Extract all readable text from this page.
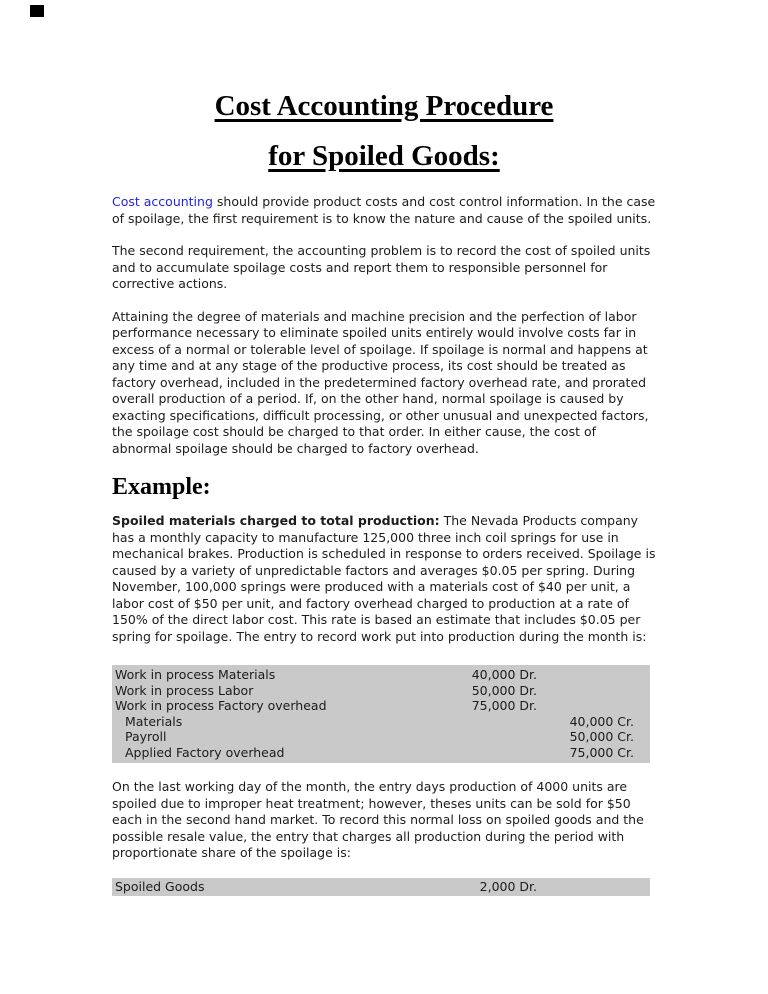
Cost Accounting Procedure
for Spoiled Goods:

Cost accounting should provide product costs and cost control information. In the case of spoilage, the first requirement is to know the nature and cause of the spoiled units.

The second requirement, the accounting problem is to record the cost of spoiled units and to accumulate spoilage costs and report them to responsible personnel for corrective actions.

Attaining the degree of materials and machine precision and the perfection of labor performance necessary to eliminate spoiled units entirely would involve costs far in excess of a normal or tolerable level of spoilage. If spoilage is normal and happens at any time and at any stage of the productive process, its cost should be treated as factory overhead, included in the predetermined factory overhead rate, and prorated overall production of a period. If, on the other hand, normal spoilage is caused by exacting specifications, difficult processing, or other unusual and unexpected factors, the spoilage cost should be charged to that order. In either cause, the cost of abnormal spoilage should be charged to factory overhead.

Example:

Spoiled materials charged to total production: The Nevada Products company has a monthly capacity to manufacture 125,000 three inch coil springs for use in mechanical brakes. Production is scheduled in response to orders received. Spoilage is caused by a variety of unpredictable factors and averages $0.05 per spring. During November, 100,000 springs were produced with a materials cost of $40 per unit, a labor cost of $50 per unit, and factory overhead charged to production at a rate of 150% of the direct labor cost. This rate is based an estimate that includes $0.05 per spring for spoilage. The entry to record work put into production during the month is:

Work in process Materials	40,000 Dr.
Work in process Labor	50,000 Dr.
Work in process Factory overhead	75,000 Dr.
Materials	40,000 Cr.
Payroll	50,000 Cr.
Applied Factory overhead	75,000 Cr.

On the last working day of the month, the entry days production of 4000 units are spoiled due to improper heat treatment; however, theses units can be sold for $50 each in the second hand market. To record this normal loss on spoiled goods and the possible resale value, the entry that charges all production during the period with proportionate share of the spoilage is:

Spoiled Goods	2,000 Dr.
